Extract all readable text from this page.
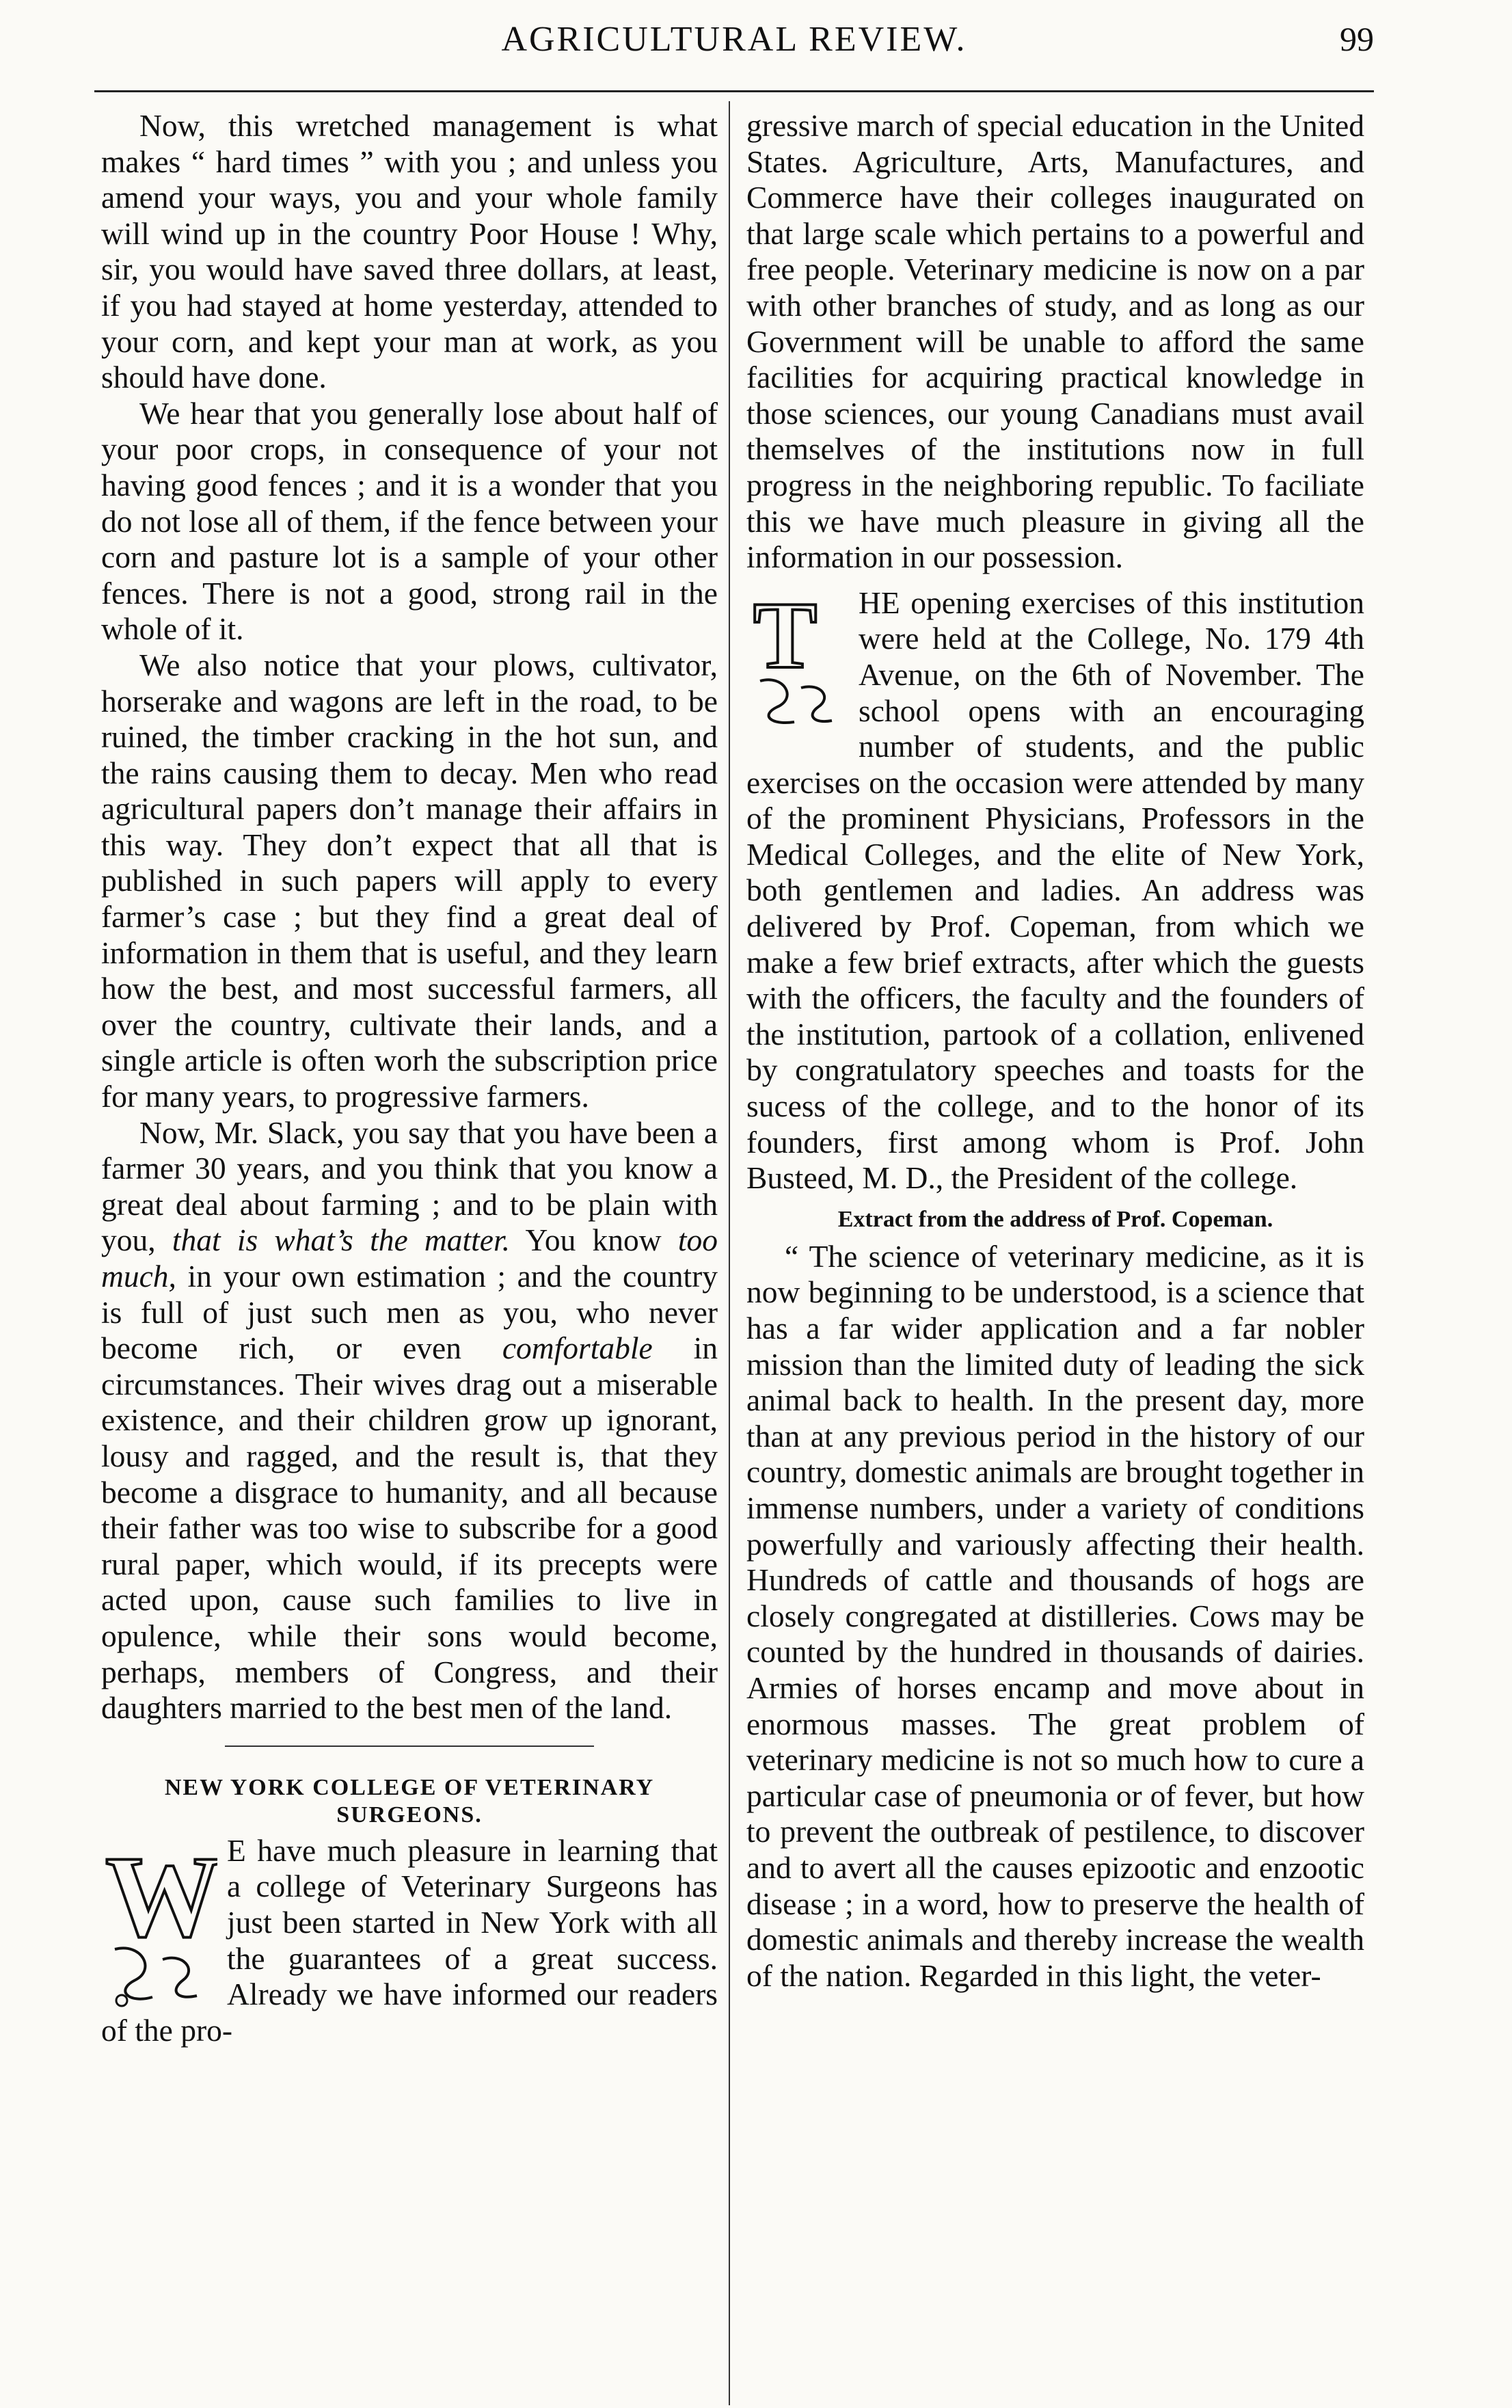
AGRICULTURAL REVIEW.	99

Now, this wretched management is what makes “ hard times ” with you ; and unless you amend your ways, you and your whole family will wind up in the country Poor House ! Why, sir, you would have saved three dollars, at least, if you had stayed at home yesterday, attended to your corn, and kept your man at work, as you should have done.

We hear that you generally lose about half of your poor crops, in consequence of your not having good fences ; and it is a wonder that you do not lose all of them, if the fence between your corn and pasture lot is a sample of your other fences. There is not a good, strong rail in the whole of it.

We also notice that your plows, cultivator, horserake and wagons are left in the road, to be ruined, the timber cracking in the hot sun, and the rains causing them to decay. Men who read agricultural papers don’t manage their affairs in this way. They don’t expect that all that is published in such papers will apply to every farmer’s case ; but they find a great deal of information in them that is useful, and they learn how the best, and most successful farmers, all over the country, cultivate their lands, and a single article is often worh the subscription price for many years, to progressive farmers.

Now, Mr. Slack, you say that you have been a farmer 30 years, and you think that you know a great deal about farming ; and to be plain with you, that is what’s the matter. You know too much, in your own estimation ; and the country is full of just such men as you, who never become rich, or even comfortable in circumstances. Their wives drag out a miserable existence, and their children grow up ignorant, lousy and ragged, and the result is, that they become a disgrace to humanity, and all because their father was too wise to subscribe for a good rural paper, which would, if its precepts were acted upon, cause such families to live in opulence, while their sons would become, perhaps, members of Congress, and their daughters married to the best men of the land.

NEW YORK COLLEGE OF VETERINARY
SURGEONS.

W E have much pleasure in learning that a college of Veterinary Surgeons has just been started in New York with all the guarantees of a great success. Already we have informed our readers of the pro-

gressive march of special education in the United States. Agriculture, Arts, Manufactures, and Commerce have their colleges inaugurated on that large scale which pertains to a powerful and free people. Veterinary medicine is now on a par with other branches of study, and as long as our Government will be unable to afford the same facilities for acquiring practical knowledge in those sciences, our young Canadians must avail themselves of the institutions now in full progress in the neighboring republic. To faciliate this we have much pleasure in giving all the information in our possession.

T HE opening exercises of this institution were held at the College, No. 179 4th Avenue, on the 6th of November. The school opens with an encouraging number of students, and the public exercises on the occasion were attended by many of the prominent Physicians, Professors in the Medical Colleges, and the elite of New York, both gentlemen and ladies. An address was delivered by Prof. Copeman, from which we make a few brief extracts, after which the guests with the officers, the faculty and the founders of the institution, partook of a collation, enlivened by congratulatory speeches and toasts for the sucess of the college, and to the honor of its founders, first among whom is Prof. John Busteed, M. D., the President of the college.

Extract from the address of Prof. Copeman.

“ The science of veterinary medicine, as it is now beginning to be understood, is a science that has a far wider application and a far nobler mission than the limited duty of leading the sick animal back to health. In the present day, more than at any previous period in the history of our country, domestic animals are brought together in immense numbers, under a variety of conditions powerfully and variously affecting their health. Hundreds of cattle and thousands of hogs are closely congregated at distilleries. Cows may be counted by the hundred in thousands of dairies. Armies of horses encamp and move about in enormous masses. The great problem of veterinary medicine is not so much how to cure a particular case of pneumonia or of fever, but how to prevent the outbreak of pestilence, to discover and to avert all the causes epizootic and enzootic disease ; in a word, how to preserve the health of domestic animals and thereby increase the wealth of the nation. Regarded in this light, the veter-
